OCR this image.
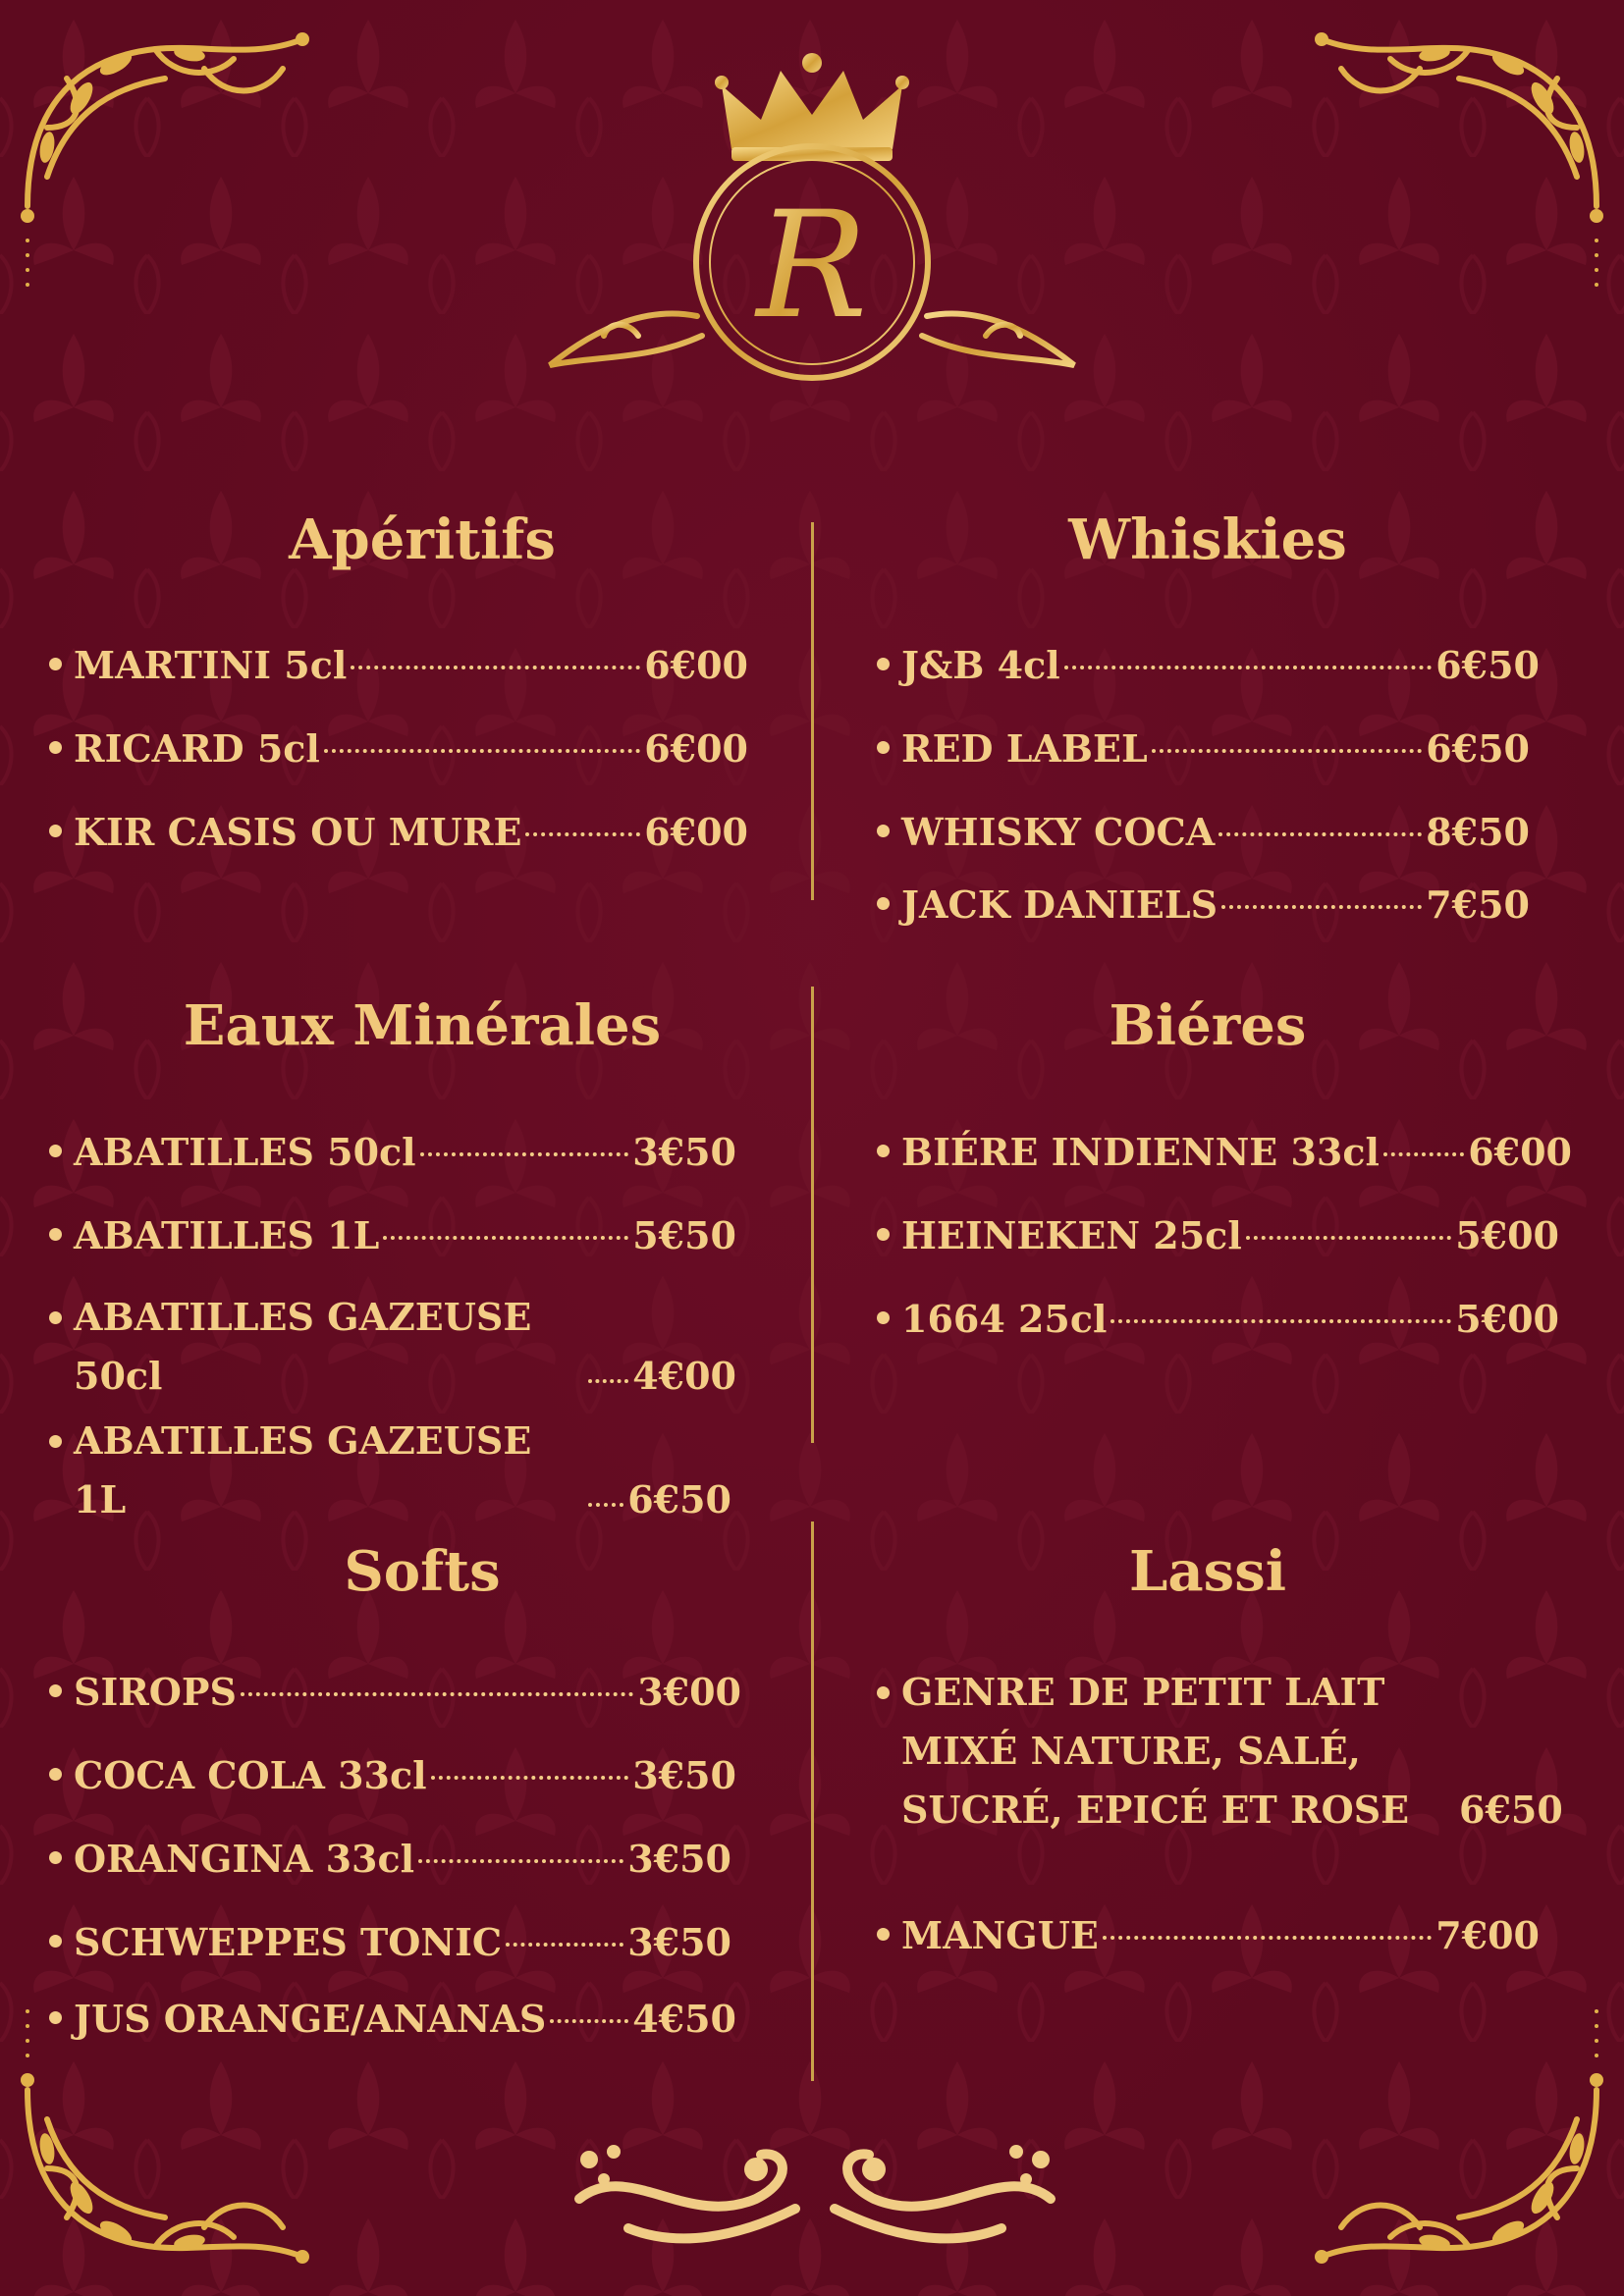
R
Apéritifs
MARTINI 5cl	6€00
RICARD 5cl	6€00
KIR CASIS OU MURE	6€00
Whiskies
J&B 4cl	6€50
RED LABEL	6€50
WHISKY COCA	8€50
JACK DANIELS	7€50
Eaux Minérales
ABATILLES 50cl	3€50
ABATILLES 1L	5€50
ABATILLES GAZEUSE 50cl	4€00
ABATILLES GAZEUSE 1L	6€50
Biéres
BIÉRE INDIENNE 33cl 6€00
HEINEKEN 25cl	5€00
1664 25cl	5€00
Softs
SIROPS	3€00
COCA COLA 33cl	3€50
ORANGINA 33cl	3€50
SCHWEPPES TONIC	3€50
JUS ORANGE/ANANAS 4€50
Lassi
GENRE DE PETIT LAIT MIXÉ NATURE, SALÉ, SUCRÉ, EPICÉ ET ROSE	6€50
MANGUE	7€00
